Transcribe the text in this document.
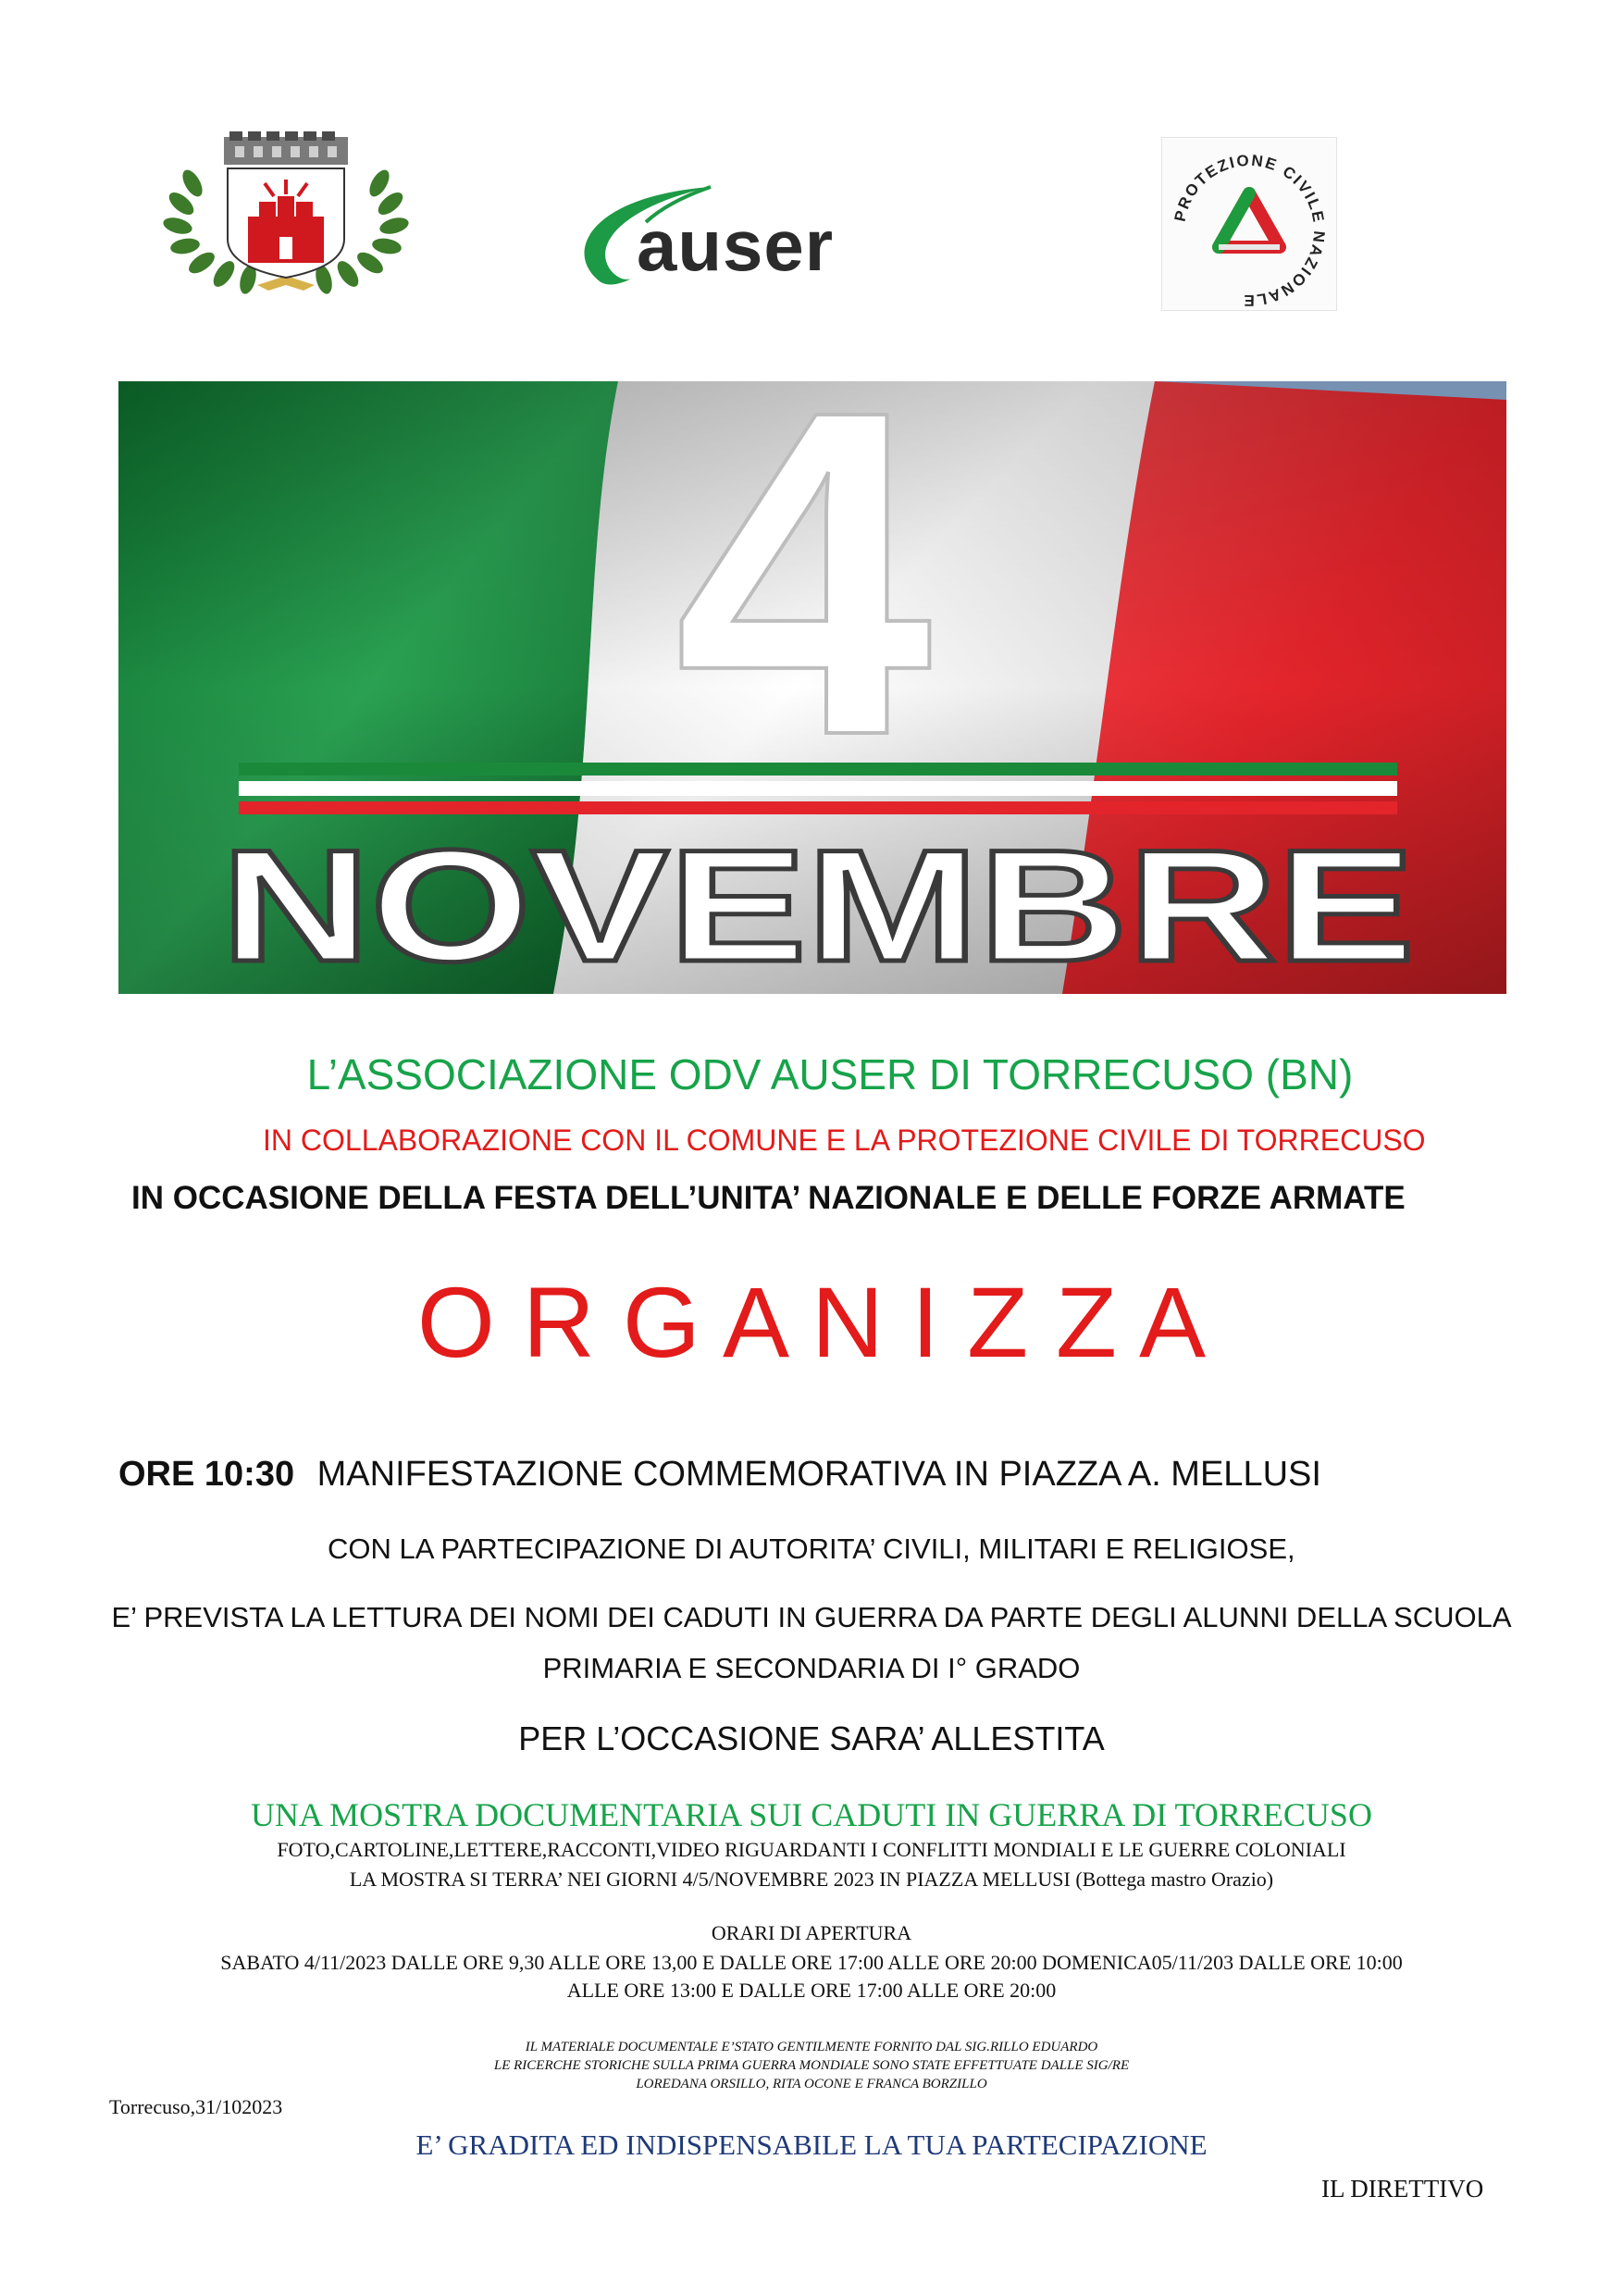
auser	PROTEZIONE CIVILE NAZIONALE
4
NOVEMBRE
L’ASSOCIAZIONE ODV AUSER DI TORRECUSO (BN)
IN COLLABORAZIONE CON IL COMUNE E LA PROTEZIONE CIVILE DI TORRECUSO
IN OCCASIONE DELLA FESTA DELL’UNITA’ NAZIONALE E DELLE FORZE ARMATE
O R G A N I Z Z A
ORE 10:30 MANIFESTAZIONE COMMEMORATIVA IN PIAZZA A. MELLUSI
CON LA PARTECIPAZIONE DI AUTORITA’ CIVILI, MILITARI E RELIGIOSE,
E’ PREVISTA LA LETTURA DEI NOMI DEI CADUTI IN GUERRA DA PARTE DEGLI ALUNNI DELLA SCUOLA
PRIMARIA E SECONDARIA DI I° GRADO
PER L’OCCASIONE SARA’ ALLESTITA
UNA MOSTRA DOCUMENTARIA SUI CADUTI IN GUERRA DI TORRECUSO
FOTO,CARTOLINE,LETTERE,RACCONTI,VIDEO RIGUARDANTI I CONFLITTI MONDIALI E LE GUERRE COLONIALI
LA MOSTRA SI TERRA’ NEI GIORNI 4/5/NOVEMBRE 2023 IN PIAZZA MELLUSI (Bottega mastro Orazio)
ORARI DI APERTURA
SABATO 4/11/2023 DALLE ORE 9,30 ALLE ORE 13,00 E DALLE ORE 17:00 ALLE ORE 20:00 DOMENICA05/11/203 DALLE ORE 10:00
ALLE ORE 13:00 E DALLE ORE 17:00 ALLE ORE 20:00
IL MATERIALE DOCUMENTALE E’STATO GENTILMENTE FORNITO DAL SIG.RILLO EDUARDO
LE RICERCHE STORICHE SULLA PRIMA GUERRA MONDIALE SONO STATE EFFETTUATE DALLE SIG/RE
LOREDANA ORSILLO, RITA OCONE E FRANCA BORZILLO
Torrecuso,31/102023
E’ GRADITA ED INDISPENSABILE LA TUA PARTECIPAZIONE
IL DIRETTIVO
